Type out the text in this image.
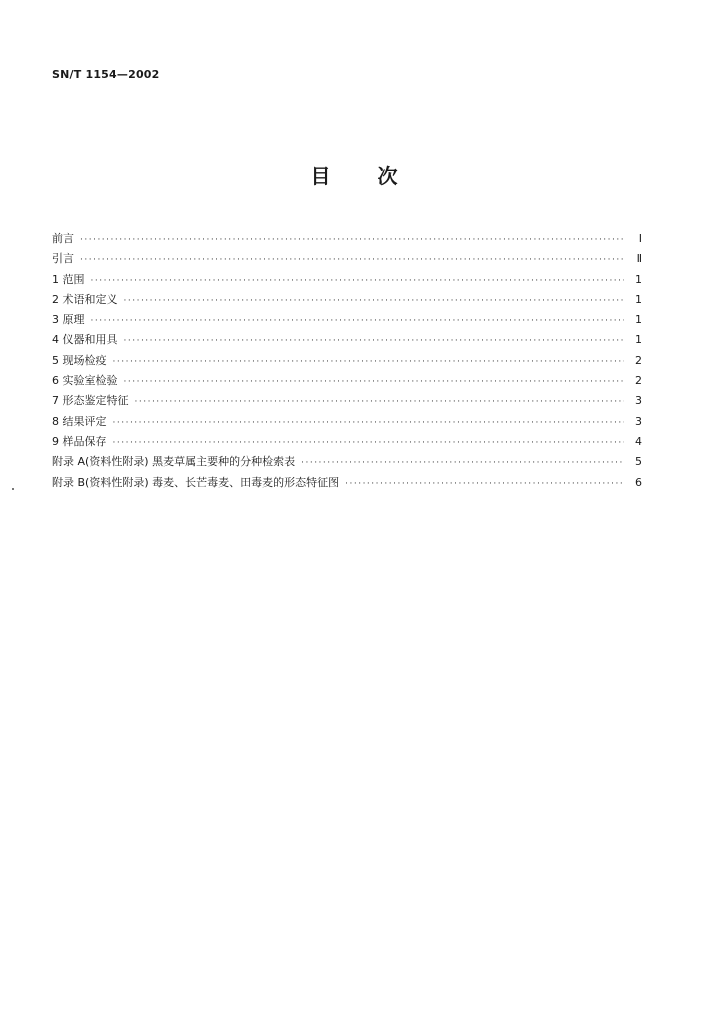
SN/T 1154—2002
目 次
前言 ·····	Ⅰ
引言 ·····	Ⅱ
1 范围 ·····	1
2 术语和定义 ·····	1
3 原理 ·····	1
4 仪器和用具 ·····	1
5 现场检疫 ·····	2
6 实验室检验 ·····	2
7 形态鉴定特征 ·····	3
8 结果评定 ·····	3
9 样品保存 ·····	4
附录 A(资料性附录) 黑麦草属主要种的分种检索表 ·····	5
附录 B(资料性附录) 毒麦、长芒毒麦、田毒麦的形态特征图 ·····	6
